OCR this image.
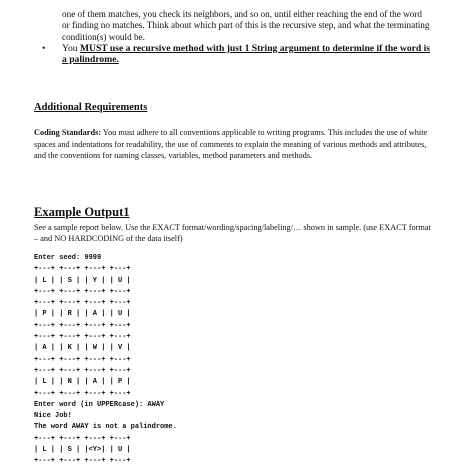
one of them matches, you check its neighbors, and so on, until either reaching the end of the word or finding no matches. Think about which part of this is the recursive step, and what the terminating condition(s) would be.
• You MUST use a recursive method with just 1 String argument to determine if the word is a palindrome.
Additional Requirements
Coding Standards: You must adhere to all conventions applicable to writing programs. This includes the use of white spaces and indentations for readability, the use of comments to explain the meaning of various methods and attributes, and the conventions for naming classes, variables, method parameters and methods.
Example Output1
See a sample report below. Use the EXACT format/wording/spacing/labeling/… shown in sample. (use EXACT format – and NO HARDCODING of the data itself)
Enter seed: 9999
+---+ +---+ +---+ +---+
| L | | S | | Y | | U |
+---+ +---+ +---+ +---+
+---+ +---+ +---+ +---+
| P | | R | | A | | U |
+---+ +---+ +---+ +---+
+---+ +---+ +---+ +---+
| A | | K | | W | | V |
+---+ +---+ +---+ +---+
+---+ +---+ +---+ +---+
| L | | N | | A | | P |
+---+ +---+ +---+ +---+
Enter word (in UPPERcase): AWAY
Nice Job!
The word AWAY is not a palindrome.
+---+ +---+ +---+ +---+
| L | | S | |<Y>| | U |
+---+ +---+ +---+ +---+
